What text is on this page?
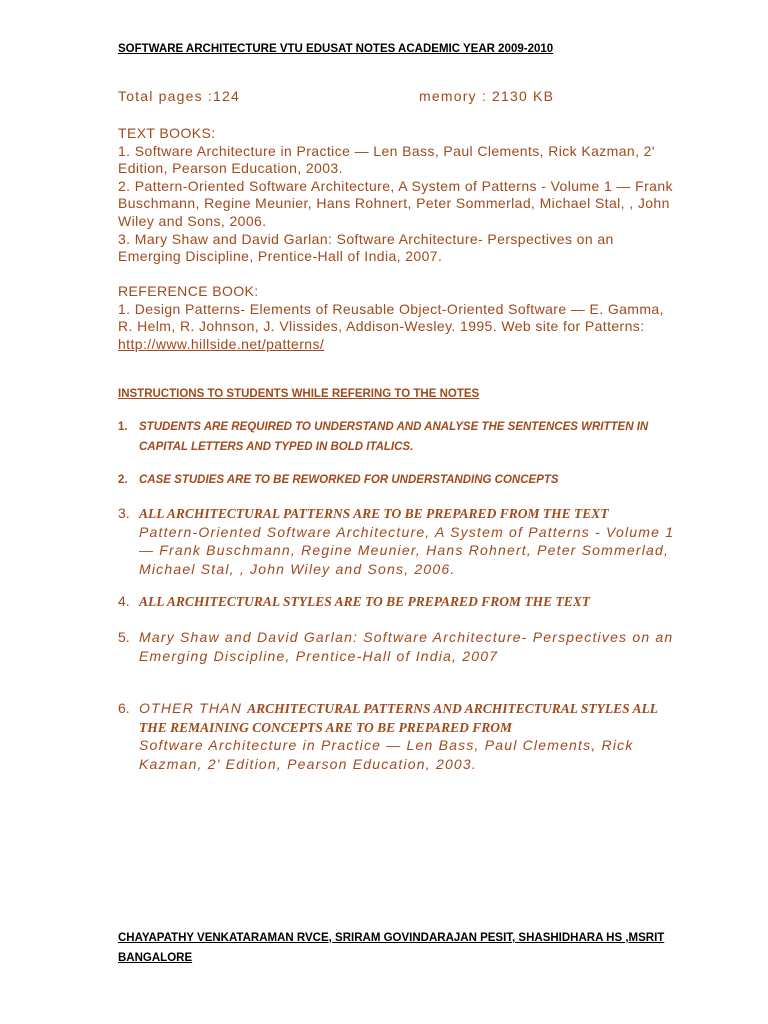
SOFTWARE ARCHITECTURE VTU EDUSAT NOTES ACADEMIC YEAR 2009-2010
Total pages :124	memory : 2130 KB
TEXT BOOKS:

1. Software Architecture in Practice — Len Bass, Paul Clements, Rick Kazman, 2' Edition, Pearson Education, 2003.

2. Pattern-Oriented Software Architecture, A System of Patterns - Volume 1 — Frank Buschmann, Regine Meunier, Hans Rohnert, Peter Sommerlad, Michael Stal, , John Wiley and Sons, 2006.

3. Mary Shaw and David Garlan: Software Architecture- Perspectives on an Emerging Discipline, Prentice-Hall of India, 2007.

REFERENCE BOOK:

1. Design Patterns- Elements of Reusable Object-Oriented Software — E. Gamma, R. Helm, R. Johnson, J. Vlissides, Addison-Wesley. 1995. Web site for Patterns: http://www.hillside.net/patterns/

INSTRUCTIONS TO STUDENTS WHILE REFERING TO THE NOTES
1. STUDENTS ARE REQUIRED TO UNDERSTAND AND ANALYSE THE SENTENCES WRITTEN IN CAPITAL LETTERS AND TYPED IN BOLD ITALICS.
2. CASE STUDIES ARE TO BE REWORKED FOR UNDERSTANDING CONCEPTS
3. ALL ARCHITECTURAL PATTERNS ARE TO BE PREPARED FROM THE TEXT
Pattern-Oriented Software Architecture, A System of Patterns - Volume 1 — Frank Buschmann, Regine Meunier, Hans Rohnert, Peter Sommerlad, Michael Stal, , John Wiley and Sons, 2006.
4. ALL ARCHITECTURAL STYLES ARE TO BE PREPARED FROM THE TEXT
5. Mary Shaw and David Garlan: Software Architecture- Perspectives on an Emerging Discipline, Prentice-Hall of India, 2007
6. OTHER THAN ARCHITECTURAL PATTERNS AND ARCHITECTURAL STYLES ALL THE REMAINING CONCEPTS ARE TO BE PREPARED FROM
Software Architecture in Practice — Len Bass, Paul Clements, Rick Kazman, 2' Edition, Pearson Education, 2003.
CHAYAPATHY VENKATARAMAN RVCE, SRIRAM GOVINDARAJAN PESIT, SHASHIDHARA HS ,MSRIT BANGALORE
